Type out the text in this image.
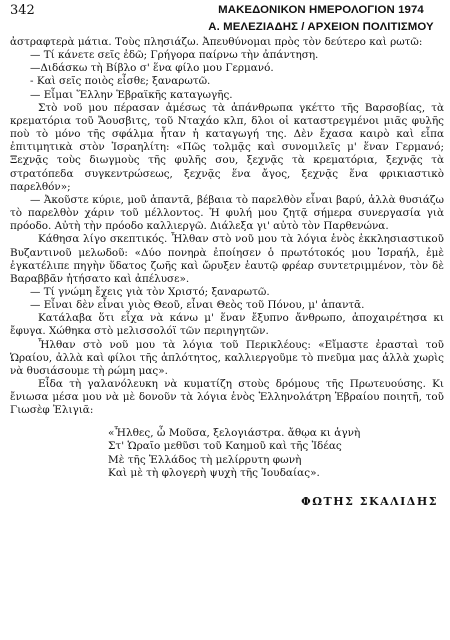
342	ΜΑΚΕΔΟΝΙΚΟΝ ΗΜΕΡΟΛΟΓΙΟΝ 1974
Α. ΜΕΛΕΖΙΑΔΗΣ / ΑΡΧΕΙΟΝ ΠΟΛΙΤΙΣΜΟΥ

ἀστραφτερὰ μάτια. Τοὺς πλησιάζω. Ἀπευθύνομαι πρὸς τὸν δεύτερο καὶ ρωτῶ:

— Τί κάνετε σεῖς ἐδῶ; Γρήγορα παίρνω τὴν ἀπάντηση.

—Διδάσκω τὴ Βίβλο σ' ἕνα φίλο μου Γερμανό.

- Καὶ σεῖς ποιὸς εἶσθε; ξαναρωτῶ.

— Εἶμαι Ἕλλην Ἑβραϊκῆς καταγωγῆς.

Στὸ νοῦ μου πέρασαν ἀμέσως τὰ ἀπάνθρωπα γκέττο τῆς Βαρσοβίας, τὰ κρεματόρια τοῦ Ἄουσβιτς, τοῦ Νταχάο κλπ, δλοι οἱ καταστρεγμένοι μιᾶς φυλῆς ποὺ τὸ μόνο τῆς σφάλμα ἦταν ἡ καταγωγή της. Δὲν ἔχασα καιρὸ καὶ εἶπα ἐπιτιμητικὰ στὸν Ἰσραηλίτη: «Πῶς τολμᾷς καὶ συνομιλεῖς μ' ἕναν Γερμανό; Ξεχνᾷς τοὺς διωγμοὺς τῆς φυλῆς σου, ξεχνᾷς τὰ κρεματόρια, ξεχνᾷς τὰ στρατόπεδα συγκεντρώσεως, ξεχνᾷς ἕνα ἄγος, ξεχνᾷς ἕνα φρικιαστικὸ παρελθόν»;

— Ἀκοῦστε κύριε, μοῦ ἀπαντᾶ, βέβαια τὸ παρελθὸν εἶναι βαρύ, ἀλλὰ θυσιάζω τὸ παρελθὸν χάριν τοῦ μέλλοντος. Ἡ φυλή μου ζητᾷ σήμερα συνεργασία γιὰ πρόοδο. Αὐτὴ τὴν πρόοδο καλλιεργῶ. Διάλεξα γι' αὐτὸ τὸν Παρθενώνα.

Κάθησα λίγο σκεπτικός. Ἦλθαν στὸ νοῦ μου τὰ λόγια ἑνὸς ἐκκλησιαστικοῦ Βυζαντινοῦ μελωδοῦ: «Δύο πονηρὰ ἐποίησεν ὁ πρωτότοκός μου Ἰσραήλ, ἐμὲ ἐγκατέλιπε πηγὴν ὕδατος ζωῆς καὶ ὤρυξεν ἑαυτῷ φρέαρ συντετριμμένον, τὸν δὲ Βαραββᾶν ἠτήσατο καὶ ἀπέλυσε».

— Τί γνώμη ἔχεις γιὰ τὸν Χριστό; ξαναρωτῶ.

— Εἶναι δὲν εἶναι γιὸς Θεοῦ, εἶναι Θεὸς τοῦ Πόνου, μ' ἀπαντᾶ.

Κατάλαβα ὅτι εἶχα νὰ κάνω μ' ἕναν ἔξυπνο ἄνθρωπο, ἀποχαιρέτησα κι ἔφυγα. Χώθηκα στὸ μελισσολόϊ τῶν περιηγητῶν.

Ἦλθαν στὸ νοῦ μου τὰ λόγια τοῦ Περικλέους: «Εἴμαστε ἐρασταὶ τοῦ Ὡραίου, ἀλλὰ καὶ φίλοι τῆς ἁπλότητος, καλλιεργοῦμε τὸ πνεῦμα μας ἀλλὰ χωρὶς νὰ θυσιάσουμε τὴ ρώμη μας».

Εἶδα τὴ γαλανόλευκη νὰ κυματίζη στοὺς δρόμους τῆς Πρωτευούσης. Κι ἔνιωσα μέσα μου νὰ μὲ δονοῦν τὰ λόγια ἑνὸς Ἑλληνολάτρη Ἑβραίου ποιητῆ, τοῦ Γιωσὲφ Ἐλιγιᾶ:

«Ἦλθες, ὦ Μοῦσα, ξελογιάστρα. ἄθῳα κι ἁγνὴ
Στ' Ὡραῖο μεθῦσι τοῦ Καημοῦ καὶ τῆς Ἰδέας
Μὲ τῆς Ἑλλάδος τὴ μελίρρυτη φωνὴ
Καὶ μὲ τὴ φλογερὴ ψυχὴ τῆς Ἰουδαίας».
ΦΩΤΗΣ ΣΚΑΛΙΔΗΣ
